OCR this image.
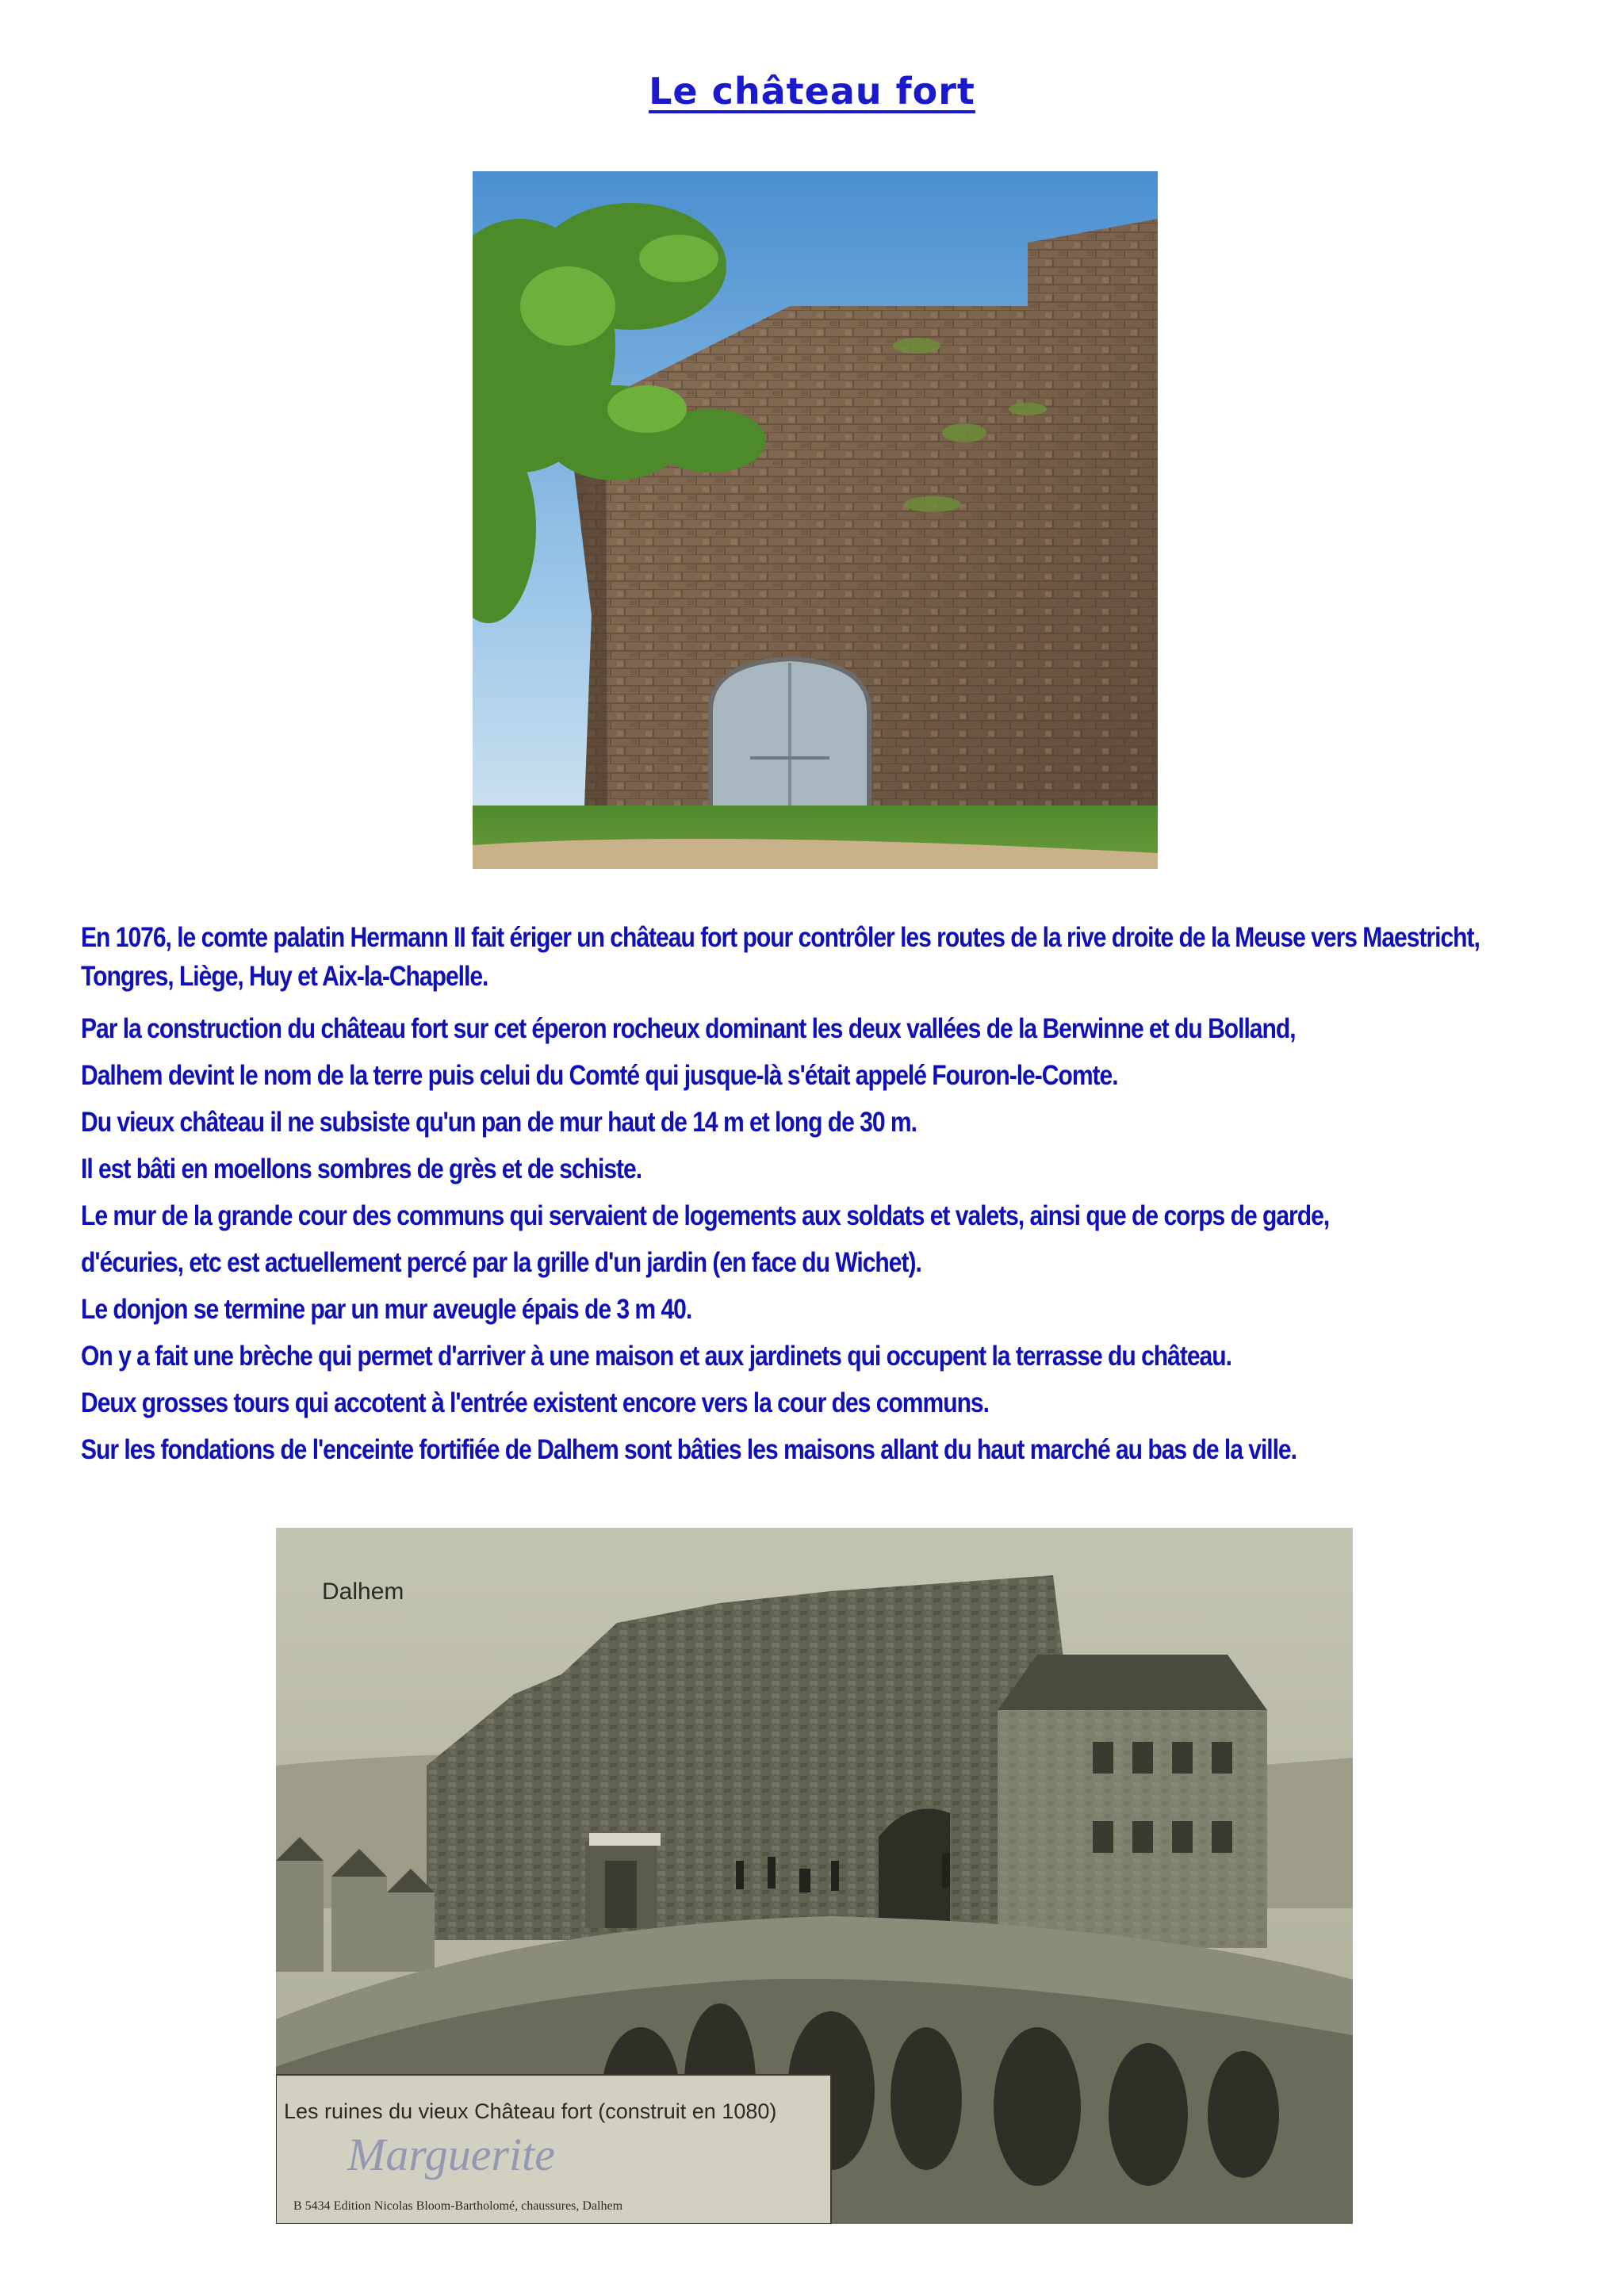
Le château fort

En 1076, le comte palatin Hermann II fait ériger un château fort pour contrôler les routes de la rive droite de la Meuse vers Maestricht, Tongres, Liège, Huy et Aix-la-Chapelle.

Par la construction du château fort sur cet éperon rocheux dominant les deux vallées de la Berwinne et du Bolland,

Dalhem devint le nom de la terre puis celui du Comté qui jusque-là s'était appelé Fouron-le-Comte.

Du vieux château il ne subsiste qu'un pan de mur haut de 14 m et long de 30 m.

Il est bâti en moellons sombres de grès et de schiste.

Le mur de la grande cour des communs qui servaient de logements aux soldats et valets, ainsi que de corps de garde,

d'écuries, etc est actuellement percé par la grille d'un jardin (en face du Wichet).

Le donjon se termine par un mur aveugle épais de 3 m 40.

On y a fait une brèche qui permet d'arriver à une maison et aux jardinets qui occupent la terrasse du château.

Deux grosses tours qui accotent à l'entrée existent encore vers la cour des communs.

Sur les fondations de l'enceinte fortifiée de Dalhem sont bâties les maisons allant du haut marché au bas de la ville.

Dalhem
Les ruines du vieux Château fort (construit en 1080)
Marguerite
B 5434 Edition Nicolas Bloom-Bartholomé, chaussures, Dalhem
